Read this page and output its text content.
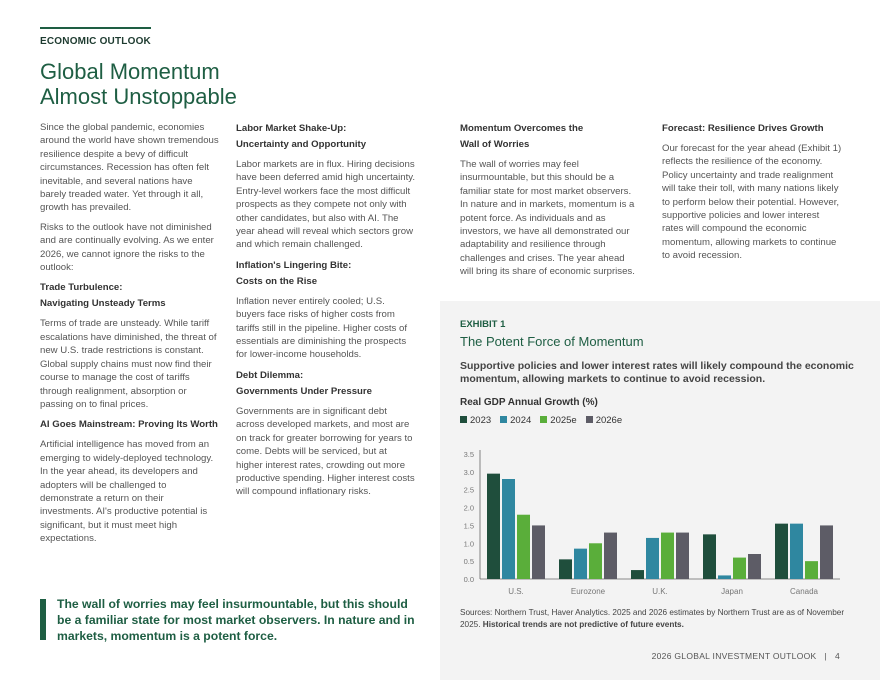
ECONOMIC OUTLOOK
Global Momentum
Almost Unstoppable

Since the global pandemic, economies around the world have shown tremendous resilience despite a bevy of difficult circumstances. Recession has often felt inevitable, and several nations have barely treaded water. Yet through it all, growth has prevailed.

Risks to the outlook have not diminished and are continually evolving. As we enter 2026, we cannot ignore the risks to the outlook:

Trade Turbulence:
Navigating Unsteady Terms

Terms of trade are unsteady. While tariff escalations have diminished, the threat of new U.S. trade restrictions is constant. Global supply chains must now find their course to manage the cost of tariffs through realignment, absorption or passing on to final prices.

AI Goes Mainstream: Proving Its Worth

Artificial intelligence has moved from an emerging to widely-deployed technology. In the year ahead, its developers and adopters will be challenged to demonstrate a return on their investments. AI's productive potential is significant, but it must meet high expectations.

Labor Market Shake-Up:
Uncertainty and Opportunity

Labor markets are in flux. Hiring decisions have been deferred amid high uncertainty. Entry-level workers face the most difficult prospects as they compete not only with other candidates, but also with AI. The year ahead will reveal which sectors grow and which remain challenged.

Inflation's Lingering Bite:
Costs on the Rise

Inflation never entirely cooled; U.S. buyers face risks of higher costs from tariffs still in the pipeline. Higher costs of essentials are diminishing the prospects for lower-income households.

Debt Dilemma:
Governments Under Pressure

Governments are in significant debt across developed markets, and most are on track for greater borrowing for years to come. Debts will be serviced, but at higher interest rates, crowding out more productive spending. Higher interest costs will compound inflationary risks.

Momentum Overcomes the
Wall of Worries

The wall of worries may feel insurmountable, but this should be a familiar state for most market observers. In nature and in markets, momentum is a potent force. As individuals and as investors, we have all demonstrated our adaptability and resilience through challenges and crises. The year ahead will bring its share of economic surprises.

Forecast: Resilience Drives Growth

Our forecast for the year ahead (Exhibit 1) reflects the resilience of the economy. Policy uncertainty and trade realignment will take their toll, with many nations likely to perform below their potential. However, supportive policies and lower interest rates will compound the economic momentum, allowing markets to continue to avoid recession.

EXHIBIT 1
The Potent Force of Momentum
Supportive policies and lower interest rates will likely compound the economic momentum, allowing markets to continue to avoid recession.
Real GDP Annual Growth (%)
2023	2024	2025e	2026e
0.0
0.5
1.0
1.5
2.0
2.5
3.0
3.5
U.S.	Eurozone	U.K.	Japan	Canada
Sources: Northern Trust, Haver Analytics. 2025 and 2026 estimates by Northern Trust are as of November 2025. Historical trends are not predictive of future events.
The wall of worries may feel insurmountable, but this should be a familiar state for most market observers. In nature and in markets, momentum is a potent force.
2026 GLOBAL INVESTMENT OUTLOOK   |   4
